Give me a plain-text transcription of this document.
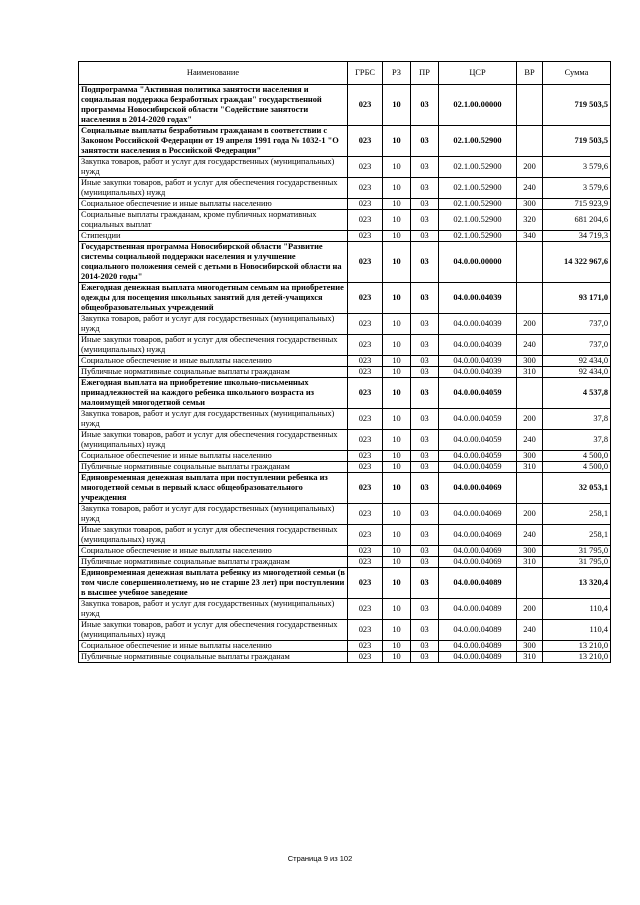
Наименование	ГРБС	РЗ	ПР	ЦСР	ВР	Сумма
Подпрограмма "Активная политика занятости населения и социальная поддержка безработных граждан" государственной программы Новосибирской области "Содействие занятости населения в 2014-2020 годах"	023	10	03	02.1.00.00000		719 503,5
Социальные выплаты безработным гражданам в соответствии с Законом Российской Федерации от 19 апреля 1991 года № 1032-1 "О занятости населения в Российской Федерации"	023	10	03	02.1.00.52900		719 503,5
Закупка товаров, работ и услуг для государственных (муниципальных) нужд	023	10	03	02.1.00.52900	200	3 579,6
Иные закупки товаров, работ и услуг для обеспечения государственных (муниципальных) нужд	023	10	03	02.1.00.52900	240	3 579,6
Социальное обеспечение и иные выплаты населению	023	10	03	02.1.00.52900	300	715 923,9
Социальные выплаты гражданам, кроме публичных нормативных социальных выплат	023	10	03	02.1.00.52900	320	681 204,6
Стипендии	023	10	03	02.1.00.52900	340	34 719,3
Государственная программа Новосибирской области "Развитие системы социальной поддержки населения и улучшение социального положения семей с детьми в Новосибирской области на 2014-2020 годы"	023	10	03	04.0.00.00000		14 322 967,6
Ежегодная денежная выплата многодетным семьям на приобретение одежды для посещения школьных занятий для детей-учащихся общеобразовательных учреждений	023	10	03	04.0.00.04039		93 171,0
Закупка товаров, работ и услуг для государственных (муниципальных) нужд	023	10	03	04.0.00.04039	200	737,0
Иные закупки товаров, работ и услуг для обеспечения государственных (муниципальных) нужд	023	10	03	04.0.00.04039	240	737,0
Социальное обеспечение и иные выплаты населению	023	10	03	04.0.00.04039	300	92 434,0
Публичные нормативные социальные выплаты гражданам	023	10	03	04.0.00.04039	310	92 434,0
Ежегодная выплата на приобретение школьно-письменных принадлежностей на каждого ребенка школьного возраста из малоимущей многодетной семьи	023	10	03	04.0.00.04059		4 537,8
Закупка товаров, работ и услуг для государственных (муниципальных) нужд	023	10	03	04.0.00.04059	200	37,8
Иные закупки товаров, работ и услуг для обеспечения государственных (муниципальных) нужд	023	10	03	04.0.00.04059	240	37,8
Социальное обеспечение и иные выплаты населению	023	10	03	04.0.00.04059	300	4 500,0
Публичные нормативные социальные выплаты гражданам	023	10	03	04.0.00.04059	310	4 500,0
Единовременная денежная выплата при поступлении ребенка из многодетной семьи в первый класс общеобразовательного учреждения	023	10	03	04.0.00.04069		32 053,1
Закупка товаров, работ и услуг для государственных (муниципальных) нужд	023	10	03	04.0.00.04069	200	258,1
Иные закупки товаров, работ и услуг для обеспечения государственных (муниципальных) нужд	023	10	03	04.0.00.04069	240	258,1
Социальное обеспечение и иные выплаты населению	023	10	03	04.0.00.04069	300	31 795,0
Публичные нормативные социальные выплаты гражданам	023	10	03	04.0.00.04069	310	31 795,0
Единовременная денежная выплата ребенку из многодетной семьи (в том числе совершеннолетнему, но не старше 23 лет) при поступлении в высшее учебное заведение	023	10	03	04.0.00.04089		13 320,4
Закупка товаров, работ и услуг для государственных (муниципальных) нужд	023	10	03	04.0.00.04089	200	110,4
Иные закупки товаров, работ и услуг для обеспечения государственных (муниципальных) нужд	023	10	03	04.0.00.04089	240	110,4
Социальное обеспечение и иные выплаты населению	023	10	03	04.0.00.04089	300	13 210,0
Публичные нормативные социальные выплаты гражданам	023	10	03	04.0.00.04089	310	13 210,0
Страница 9 из 102
